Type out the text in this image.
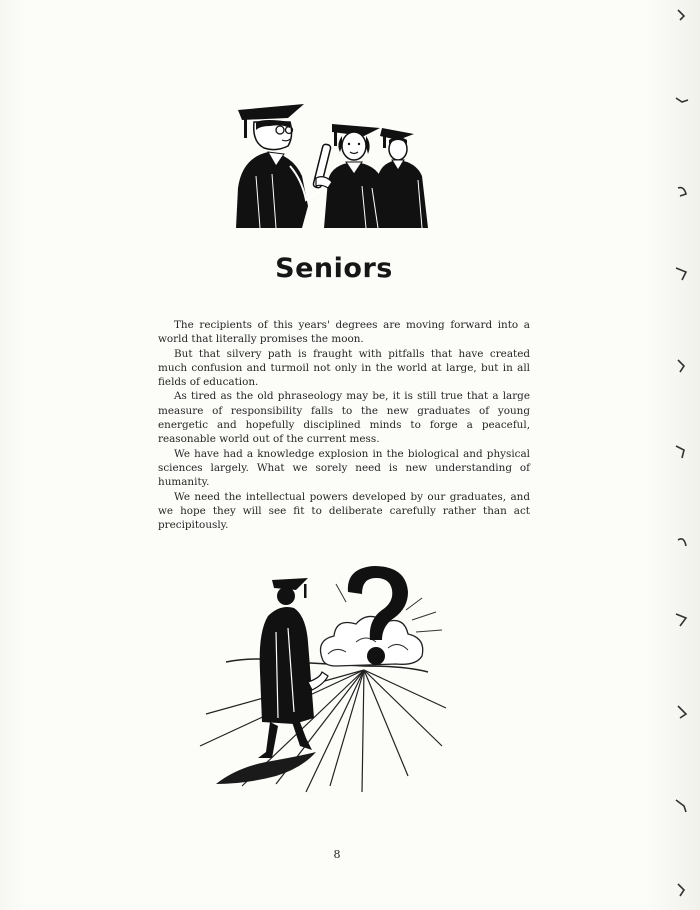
Seniors

The recipients of this years' degrees are moving forward into a world that literally promises the moon.

But that silvery path is fraught with pitfalls that have created much confusion and turmoil not only in the world at large, but in all fields of education.

As tired as the old phraseology may be, it is still true that a large measure of responsibility falls to the new graduates of young energetic and hopefully disciplined minds to forge a peaceful, reasonable world out of the current mess.

We have had a knowledge explosion in the biological and physical sciences largely. What we sorely need is new understanding of humanity.

We need the intellectual powers developed by our graduates, and we hope they will see fit to deliberate carefully rather than act precipitously.

8
